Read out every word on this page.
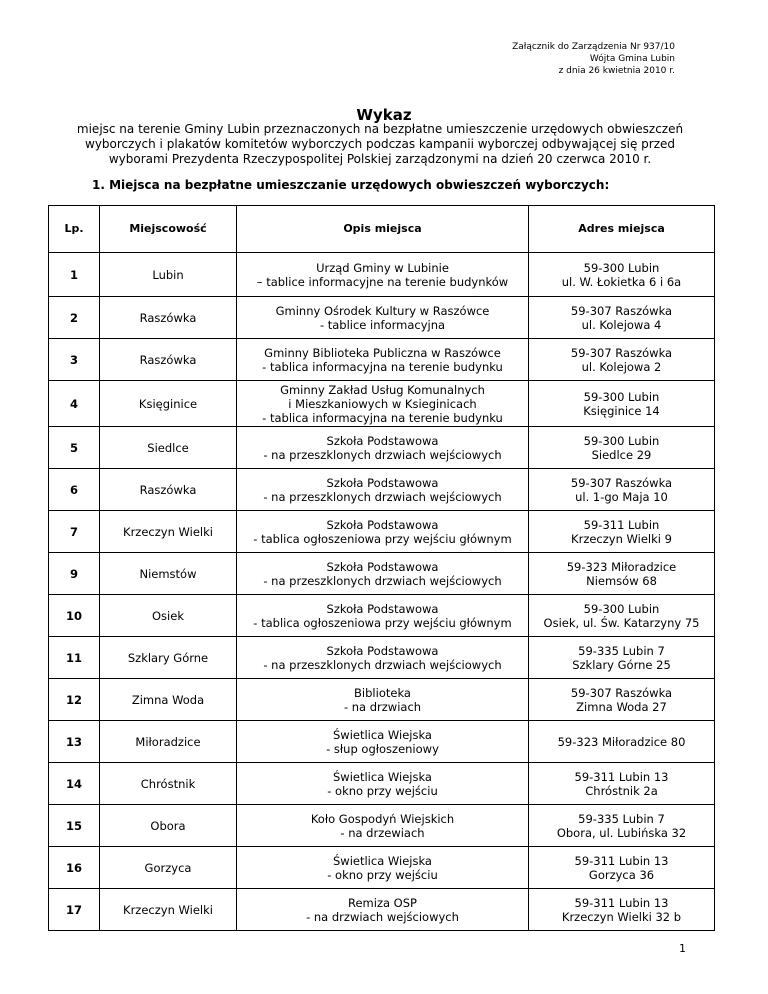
Załącznik do Zarządzenia Nr 937/10
Wójta Gmina Lubin
z dnia 26 kwietnia 2010 r.
Wykaz
miejsc na terenie Gminy Lubin przeznaczonych na bezpłatne umieszczenie urzędowych obwieszczeń
wyborczych i plakatów komitetów wyborczych podczas kampanii wyborczej odbywającej się przed
wyborami Prezydenta Rzeczypospolitej Polskiej zarządzonymi na dzień 20 czerwca 2010 r.
1. Miejsca na bezpłatne umieszczanie urzędowych obwieszczeń wyborczych:
Lp.	Miejscowość	Opis miejsca	Adres miejsca
1	Lubin	Urząd Gminy w Lubinie
– tablice informacyjne na terenie budynków	59-300 Lubin
ul. W. Łokietka 6 i 6a

2	Raszówka	Gminny Ośrodek Kultury w Raszówce
- tablice informacyjna	59-307 Raszówka
ul. Kolejowa 4

3	Raszówka	Gminny Biblioteka Publiczna w Raszówce
- tablica informacyjna na terenie budynku	59-307 Raszówka
ul. Kolejowa 2

4	Księginice	Gminny Zakład Usług Komunalnych
i Mieszkaniowych w Ksieginicach
- tablica informacyjna na terenie budynku	59-300 Lubin
Księginice 14

5	Siedlce	Szkoła Podstawowa
- na przeszklonych drzwiach wejściowych	59-300 Lubin
Siedlce 29

6	Raszówka	Szkoła Podstawowa
- na przeszklonych drzwiach wejściowych	59-307 Raszówka
ul. 1-go Maja 10

7	Krzeczyn Wielki	Szkoła Podstawowa
- tablica ogłoszeniowa przy wejściu głównym	59-311 Lubin
Krzeczyn Wielki 9

9	Niemstów	Szkoła Podstawowa
- na przeszklonych drzwiach wejściowych	59-323 Miłoradzice
Niemsów 68

10	Osiek	Szkoła Podstawowa
- tablica ogłoszeniowa przy wejściu głównym	59-300 Lubin
Osiek, ul. Św. Katarzyny 75

11	Szklary Górne	Szkoła Podstawowa
- na przeszklonych drzwiach wejściowych	59-335 Lubin 7
Szklary Górne 25

12	Zimna Woda	Biblioteka
- na drzwiach	59-307 Raszówka
Zimna Woda 27

13	Miłoradzice	Świetlica Wiejska
- słup ogłoszeniowy	59-323 Miłoradzice 80

14	Chróstnik	Świetlica Wiejska
- okno przy wejściu	59-311 Lubin 13
Chróstnik 2a

15	Obora	Koło Gospodyń Wiejskich
- na drzewiach	59-335 Lubin 7
Obora, ul. Lubińska 32

16	Gorzyca	Świetlica Wiejska
- okno przy wejściu	59-311 Lubin 13
Gorzyca 36

17	Krzeczyn Wielki	Remiza OSP
- na drzwiach wejściowych	59-311 Lubin 13
Krzeczyn Wielki 32 b
1
